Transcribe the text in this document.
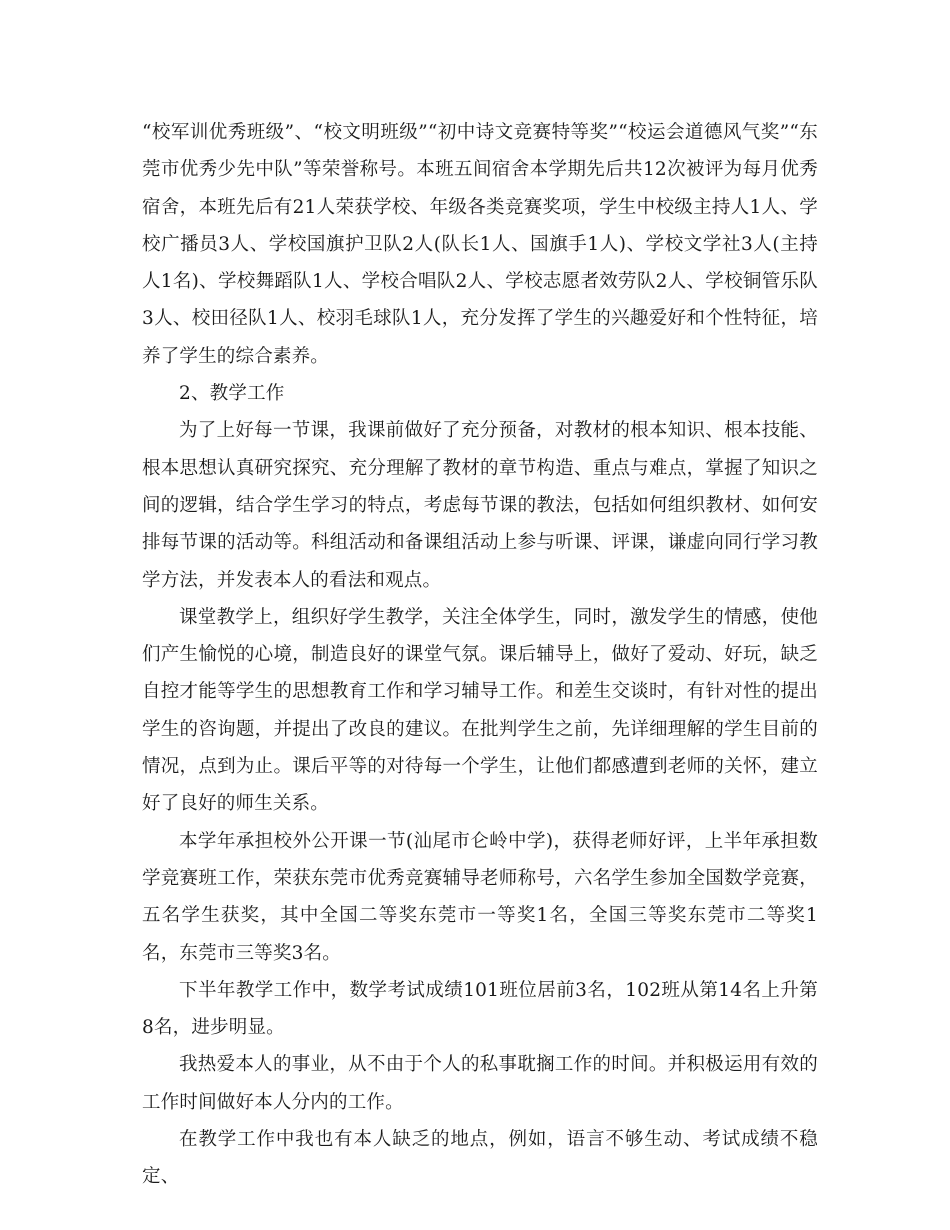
“校军训优秀班级”、“校文明班级”“初中诗文竞赛特等奖”“校运会道德风气奖”“东莞市优秀少先中队”等荣誉称号。本班五间宿舍本学期先后共12次被评为每月优秀宿舍，本班先后有21人荣获学校、年级各类竞赛奖项，学生中校级主持人1人、学校广播员3人、学校国旗护卫队2人(队长1人、国旗手1人)、学校文学社3人(主持人1名)、学校舞蹈队1人、学校合唱队2人、学校志愿者效劳队2人、学校铜管乐队3人、校田径队1人、校羽毛球队1人，充分发挥了学生的兴趣爱好和个性特征，培养了学生的综合素养。

2、教学工作

为了上好每一节课，我课前做好了充分预备，对教材的根本知识、根本技能、根本思想认真研究探究、充分理解了教材的章节构造、重点与难点，掌握了知识之间的逻辑，结合学生学习的特点，考虑每节课的教法，包括如何组织教材、如何安排每节课的活动等。科组活动和备课组活动上参与听课、评课，谦虚向同行学习教学方法，并发表本人的看法和观点。

课堂教学上，组织好学生教学，关注全体学生，同时，激发学生的情感，使他们产生愉悦的心境，制造良好的课堂气氛。课后辅导上，做好了爱动、好玩，缺乏自控才能等学生的思想教育工作和学习辅导工作。和差生交谈时，有针对性的提出学生的咨询题，并提出了改良的建议。在批判学生之前，先详细理解的学生目前的情况，点到为止。课后平等的对待每一个学生，让他们都感遭到老师的关怀，建立好了良好的师生关系。

本学年承担校外公开课一节(汕尾市仑岭中学)，获得老师好评，上半年承担数学竞赛班工作，荣获东莞市优秀竞赛辅导老师称号，六名学生参加全国数学竞赛，五名学生获奖，其中全国二等奖东莞市一等奖1名，全国三等奖东莞市二等奖1名，东莞市三等奖3名。

下半年教学工作中，数学考试成绩101班位居前3名，102班从第14名上升第8名，进步明显。

我热爱本人的事业，从不由于个人的私事耽搁工作的时间。并积极运用有效的工作时间做好本人分内的工作。

在教学工作中我也有本人缺乏的地点，例如，语言不够生动、考试成绩不稳定、
